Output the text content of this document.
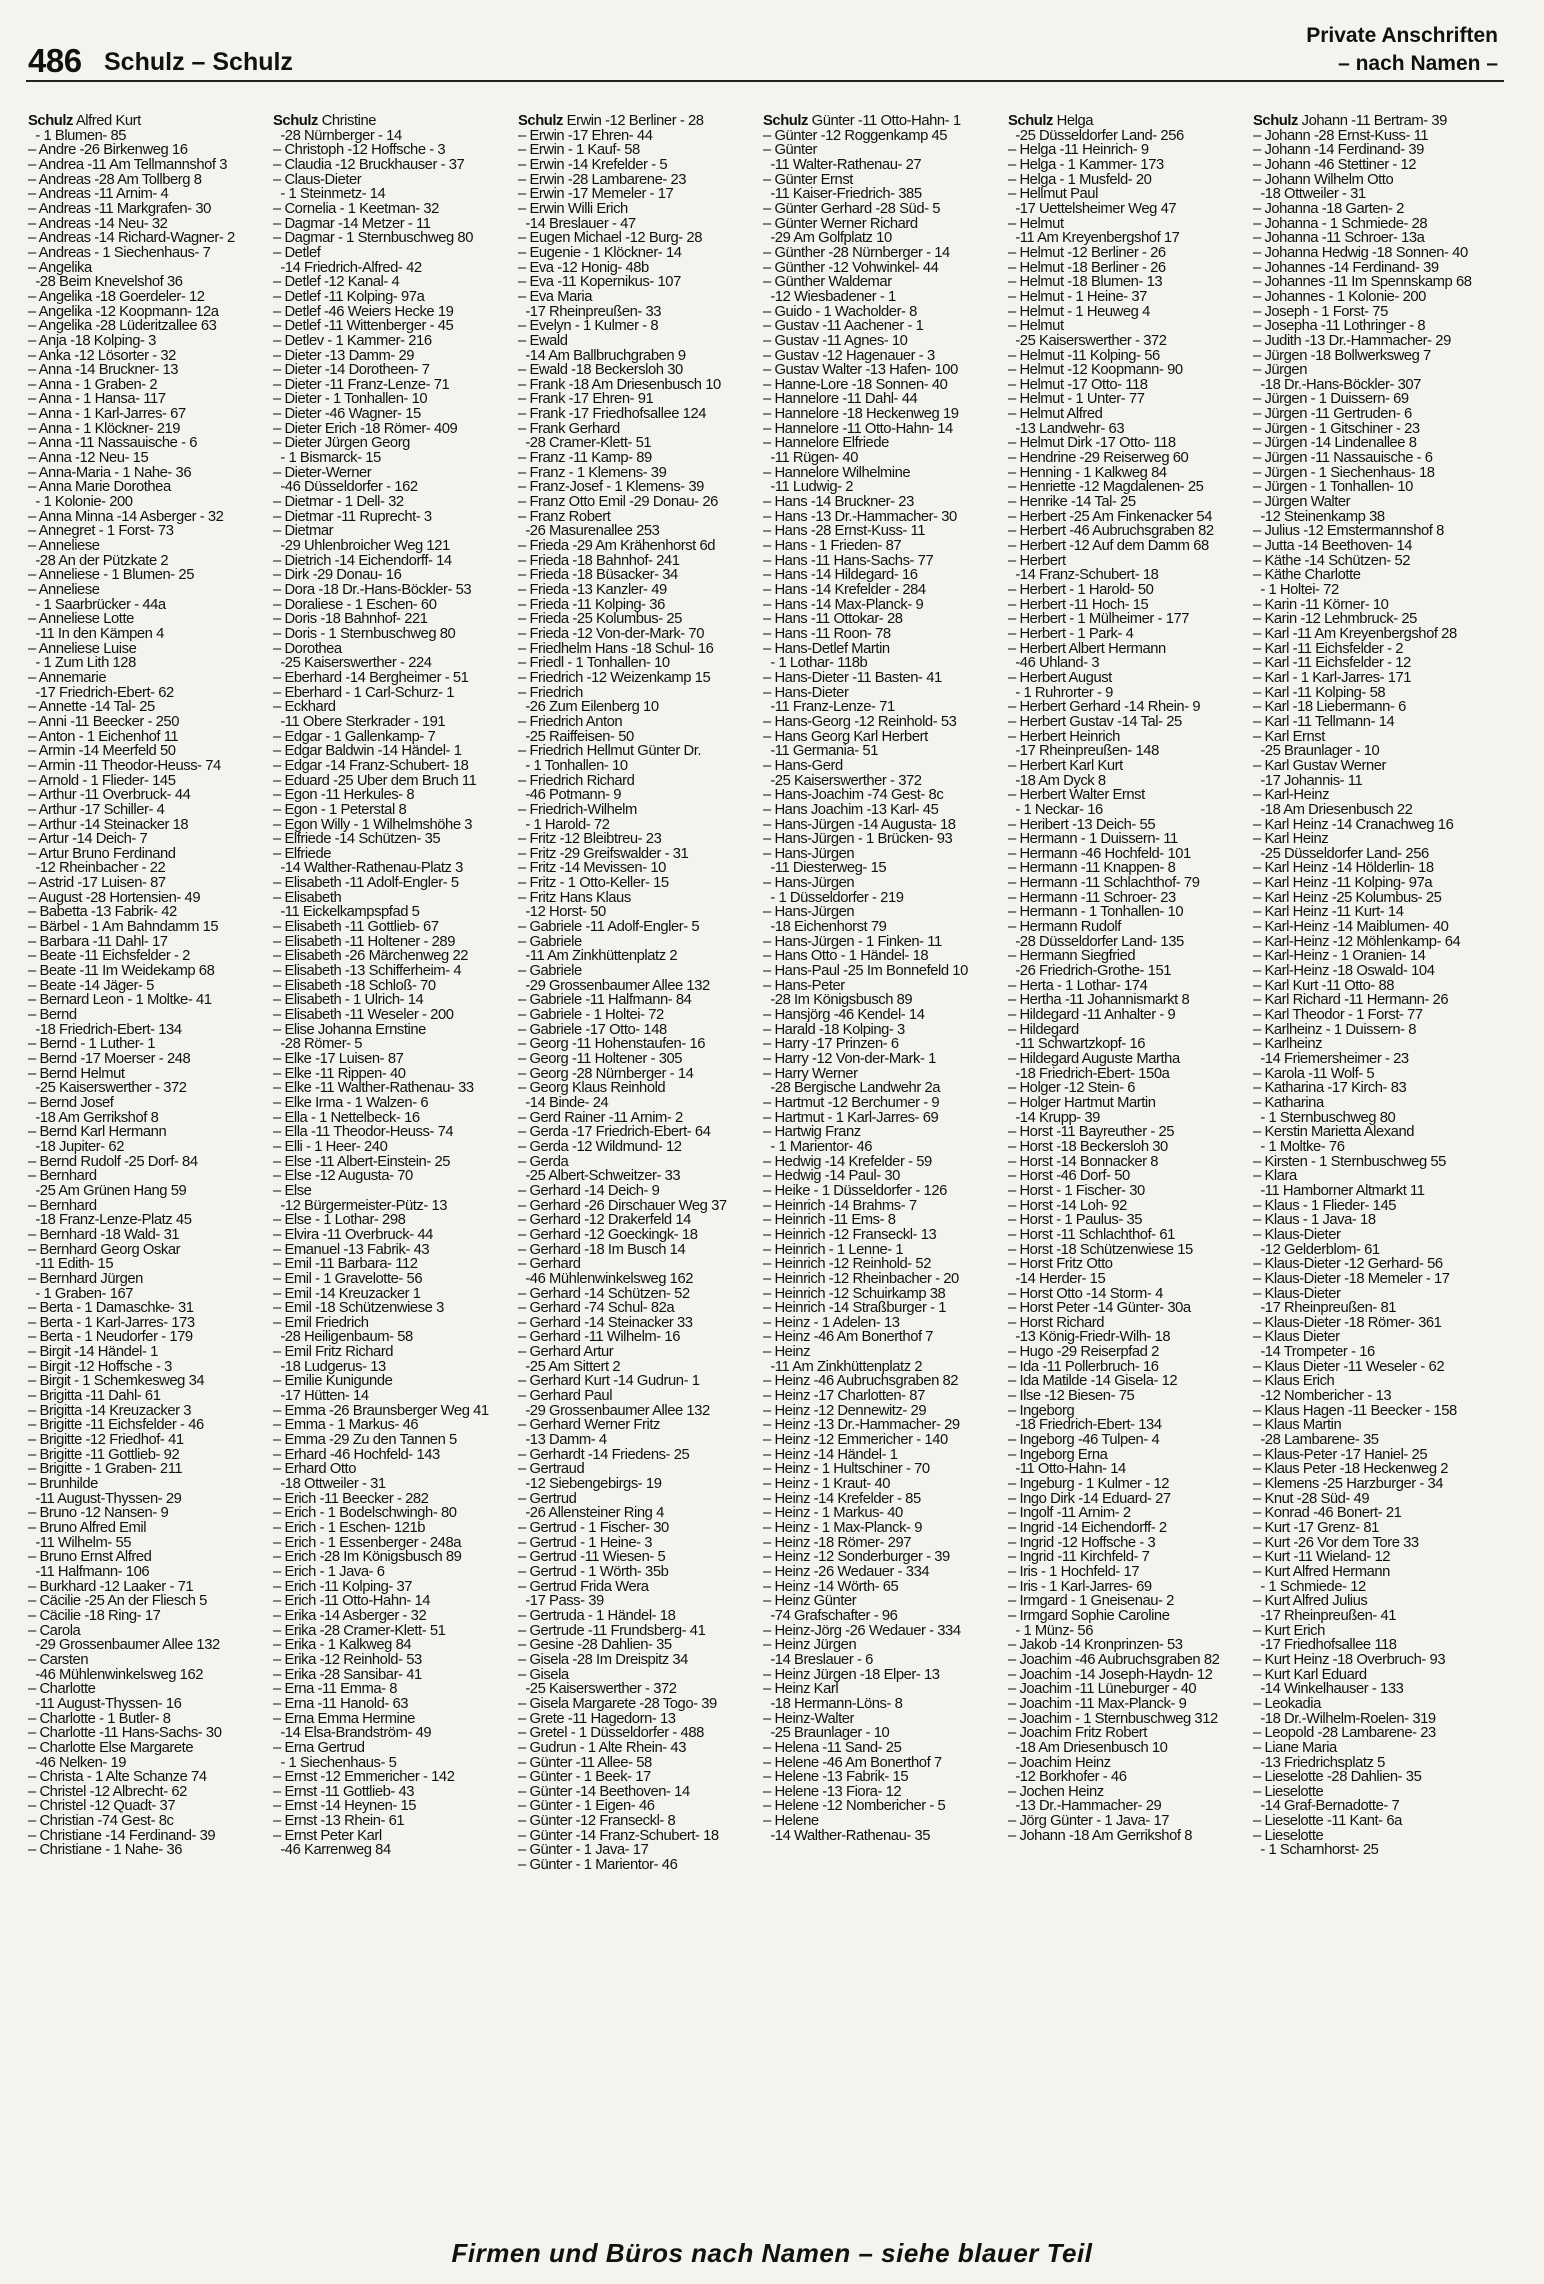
486 Schulz – Schulz
Private Anschriften
– nach Namen –
Schulz Alfred Kurt
- 1 Blumen- 85
– Andre -26 Birkenweg 16
– Andrea -11 Am Tellmannshof 3
– Andreas -28 Am Tollberg 8
– Andreas -11 Arnim- 4
– Andreas -11 Markgrafen- 30
– Andreas -14 Neu- 32
– Andreas -14 Richard-Wagner- 2
– Andreas - 1 Siechenhaus- 7
– Angelika
-28 Beim Knevelshof 36
– Angelika -18 Goerdeler- 12
– Angelika -12 Koopmann- 12a
– Angelika -28 Lüderitzallee 63
– Anja -18 Kolping- 3
– Anka -12 Lösorter - 32
– Anna -14 Bruckner- 13
– Anna - 1 Graben- 2
– Anna - 1 Hansa- 117
– Anna - 1 Karl-Jarres- 67
– Anna - 1 Klöckner- 219
– Anna -11 Nassauische - 6
– Anna -12 Neu- 15
– Anna-Maria - 1 Nahe- 36
– Anna Marie Dorothea
- 1 Kolonie- 200
– Anna Minna -14 Asberger - 32
– Annegret - 1 Forst- 73
– Anneliese
-28 An der Pützkate 2
– Anneliese - 1 Blumen- 25
– Anneliese
- 1 Saarbrücker - 44a
– Anneliese Lotte
-11 In den Kämpen 4
– Anneliese Luise
- 1 Zum Lith 128
– Annemarie
-17 Friedrich-Ebert- 62
– Annette -14 Tal- 25
– Anni -11 Beecker - 250
– Anton - 1 Eichenhof 11
– Armin -14 Meerfeld 50
– Armin -11 Theodor-Heuss- 74
– Arnold - 1 Flieder- 145
– Arthur -11 Overbruck- 44
– Arthur -17 Schiller- 4
– Arthur -14 Steinacker 18
– Artur -14 Deich- 7
– Artur Bruno Ferdinand
-12 Rheinbacher - 22
– Astrid -17 Luisen- 87
– August -28 Hortensien- 49
– Babetta -13 Fabrik- 42
– Bärbel - 1 Am Bahndamm 15
– Barbara -11 Dahl- 17
– Beate -11 Eichsfelder - 2
– Beate -11 Im Weidekamp 68
– Beate -14 Jäger- 5
– Bernard Leon - 1 Moltke- 41
– Bernd
-18 Friedrich-Ebert- 134
– Bernd - 1 Luther- 1
– Bernd -17 Moerser - 248
– Bernd Helmut
-25 Kaiserswerther - 372
– Bernd Josef
-18 Am Gerrikshof 8
– Bernd Karl Hermann
-18 Jupiter- 62
– Bernd Rudolf -25 Dorf- 84
– Bernhard
-25 Am Grünen Hang 59
– Bernhard
-18 Franz-Lenze-Platz 45
– Bernhard -18 Wald- 31
– Bernhard Georg Oskar
-11 Edith- 15
– Bernhard Jürgen
- 1 Graben- 167
– Berta - 1 Damaschke- 31
– Berta - 1 Karl-Jarres- 173
– Berta - 1 Neudorfer - 179
– Birgit -14 Händel- 1
– Birgit -12 Hoffsche - 3
– Birgit - 1 Schemkesweg 34
– Brigitta -11 Dahl- 61
– Brigitta -14 Kreuzacker 3
– Brigitte -11 Eichsfelder - 46
– Brigitte -12 Friedhof- 41
– Brigitte -11 Gottlieb- 92
– Brigitte - 1 Graben- 211
– Brunhilde
-11 August-Thyssen- 29
– Bruno -12 Nansen- 9
– Bruno Alfred Emil
-11 Wilhelm- 55
– Bruno Ernst Alfred
-11 Halfmann- 106
– Burkhard -12 Laaker - 71
– Cäcilie -25 An der Fliesch 5
– Cäcilie -18 Ring- 17
– Carola
-29 Grossenbaumer Allee 132
– Carsten
-46 Mühlenwinkelsweg 162
– Charlotte
-11 August-Thyssen- 16
– Charlotte - 1 Butler- 8
– Charlotte -11 Hans-Sachs- 30
– Charlotte Else Margarete
-46 Nelken- 19
– Christa - 1 Alte Schanze 74
– Christel -12 Albrecht- 62
– Christel -12 Quadt- 37
– Christian -74 Gest- 8c
– Christiane -14 Ferdinand- 39
– Christiane - 1 Nahe- 36
Schulz Christine
-28 Nürnberger - 14
– Christoph -12 Hoffsche - 3
– Claudia -12 Bruckhauser - 37
– Claus-Dieter
- 1 Steinmetz- 14
– Cornelia - 1 Keetman- 32
– Dagmar -14 Metzer - 11
– Dagmar - 1 Sternbuschweg 80
– Detlef
-14 Friedrich-Alfred- 42
– Detlef -12 Kanal- 4
– Detlef -11 Kolping- 97a
– Detlef -46 Weiers Hecke 19
– Detlef -11 Wittenberger - 45
– Detlev - 1 Kammer- 216
– Dieter -13 Damm- 29
– Dieter -14 Dorotheen- 7
– Dieter -11 Franz-Lenze- 71
– Dieter - 1 Tonhallen- 10
– Dieter -46 Wagner- 15
– Dieter Erich -18 Römer- 409
– Dieter Jürgen Georg
- 1 Bismarck- 15
– Dieter-Werner
-46 Düsseldorfer - 162
– Dietmar - 1 Dell- 32
– Dietmar -11 Ruprecht- 3
– Dietmar
-29 Uhlenbroicher Weg 121
– Dietrich -14 Eichendorff- 14
– Dirk -29 Donau- 16
– Dora -18 Dr.-Hans-Böckler- 53
– Doraliese - 1 Eschen- 60
– Doris -18 Bahnhof- 221
– Doris - 1 Sternbuschweg 80
– Dorothea
-25 Kaiserswerther - 224
– Eberhard -14 Bergheimer - 51
– Eberhard - 1 Carl-Schurz- 1
– Eckhard
-11 Obere Sterkrader - 191
– Edgar - 1 Gallenkamp- 7
– Edgar Baldwin -14 Händel- 1
– Edgar -14 Franz-Schubert- 18
– Eduard -25 Über dem Bruch 11
– Egon -11 Herkules- 8
– Egon - 1 Peterstal 8
– Egon Willy - 1 Wilhelmshöhe 3
– Elfriede -14 Schützen- 35
– Elfriede
-14 Walther-Rathenau-Platz 3
– Elisabeth -11 Adolf-Engler- 5
– Elisabeth
-11 Eickelkampspfad 5
– Elisabeth -11 Gottlieb- 67
– Elisabeth -11 Holtener - 289
– Elisabeth -26 Märchenweg 22
– Elisabeth -13 Schifferheim- 4
– Elisabeth -18 Schloß- 70
– Elisabeth - 1 Ulrich- 14
– Elisabeth -11 Weseler - 200
– Elise Johanna Ernstine
-28 Römer- 5
– Elke -17 Luisen- 87
– Elke -11 Rippen- 40
– Elke -11 Walther-Rathenau- 33
– Elke Irma - 1 Walzen- 6
– Ella - 1 Nettelbeck- 16
– Ella -11 Theodor-Heuss- 74
– Elli - 1 Heer- 240
– Else -11 Albert-Einstein- 25
– Else -12 Augusta- 70
– Else
-12 Bürgermeister-Pütz- 13
– Else - 1 Lothar- 298
– Elvira -11 Overbruck- 44
– Emanuel -13 Fabrik- 43
– Emil -11 Barbara- 112
– Emil - 1 Gravelotte- 56
– Emil -14 Kreuzacker 1
– Emil -18 Schützenwiese 3
– Emil Friedrich
-28 Heiligenbaum- 58
– Emil Fritz Richard
-18 Ludgerus- 13
– Emilie Kunigunde
-17 Hütten- 14
– Emma -26 Braunsberger Weg 41
– Emma - 1 Markus- 46
– Emma -29 Zu den Tannen 5
– Erhard -46 Hochfeld- 143
– Erhard Otto
-18 Ottweiler - 31
– Erich -11 Beecker - 282
– Erich - 1 Bodelschwingh- 80
– Erich - 1 Eschen- 121b
– Erich - 1 Essenberger - 248a
– Erich -28 Im Königsbusch 89
– Erich - 1 Java- 6
– Erich -11 Kolping- 37
– Erich -11 Otto-Hahn- 14
– Erika -14 Asberger - 32
– Erika -28 Cramer-Klett- 51
– Erika - 1 Kalkweg 84
– Erika -12 Reinhold- 53
– Erika -28 Sansibar- 41
– Erna -11 Emma- 8
– Erna -11 Hanold- 63
– Erna Emma Hermine
-14 Elsa-Brandström- 49
– Erna Gertrud
- 1 Siechenhaus- 5
– Ernst -12 Emmericher - 142
– Ernst -11 Gottlieb- 43
– Ernst -14 Heynen- 15
– Ernst -13 Rhein- 61
– Ernst Peter Karl
-46 Karrenweg 84
Schulz Erwin -12 Berliner - 28
– Erwin -17 Ehren- 44
– Erwin - 1 Kauf- 58
– Erwin -14 Krefelder - 5
– Erwin -28 Lambarene- 23
– Erwin -17 Memeler - 17
– Erwin Willi Erich
-14 Breslauer - 47
– Eugen Michael -12 Burg- 28
– Eugenie - 1 Klöckner- 14
– Eva -12 Honig- 48b
– Eva -11 Kopernikus- 107
– Eva Maria
-17 Rheinpreußen- 33
– Evelyn - 1 Kulmer - 8
– Ewald
-14 Am Ballbruchgraben 9
– Ewald -18 Beckersloh 30
– Frank -18 Am Driesenbusch 10
– Frank -17 Ehren- 91
– Frank -17 Friedhofsallee 124
– Frank Gerhard
-28 Cramer-Klett- 51
– Franz -11 Kamp- 89
– Franz - 1 Klemens- 39
– Franz-Josef - 1 Klemens- 39
– Franz Otto Emil -29 Donau- 26
– Franz Robert
-26 Masurenallee 253
– Frieda -29 Am Krähenhorst 6d
– Frieda -18 Bahnhof- 241
– Frieda -18 Büsacker- 34
– Frieda -13 Kanzler- 49
– Frieda -11 Kolping- 36
– Frieda -25 Kolumbus- 25
– Frieda -12 Von-der-Mark- 70
– Friedhelm Hans -18 Schul- 16
– Friedl - 1 Tonhallen- 10
– Friedrich -12 Weizenkamp 15
– Friedrich
-26 Zum Eilenberg 10
– Friedrich Anton
-25 Raiffeisen- 50
– Friedrich Hellmut Günter Dr.
- 1 Tonhallen- 10
– Friedrich Richard
-46 Potmann- 9
– Friedrich-Wilhelm
- 1 Harold- 72
– Fritz -12 Bleibtreu- 23
– Fritz -29 Greifswalder - 31
– Fritz -14 Mevissen- 10
– Fritz - 1 Otto-Keller- 15
– Fritz Hans Klaus
-12 Horst- 50
– Gabriele -11 Adolf-Engler- 5
– Gabriele
-11 Am Zinkhüttenplatz 2
– Gabriele
-29 Grossenbaumer Allee 132
– Gabriele -11 Halfmann- 84
– Gabriele - 1 Holtei- 72
– Gabriele -17 Otto- 148
– Georg -11 Hohenstaufen- 16
– Georg -11 Holtener - 305
– Georg -28 Nürnberger - 14
– Georg Klaus Reinhold
-14 Binde- 24
– Gerd Rainer -11 Arnim- 2
– Gerda -17 Friedrich-Ebert- 64
– Gerda -12 Wildmund- 12
– Gerda
-25 Albert-Schweitzer- 33
– Gerhard -14 Deich- 9
– Gerhard -26 Dirschauer Weg 37
– Gerhard -12 Drakerfeld 14
– Gerhard -12 Goeckingk- 18
– Gerhard -18 Im Busch 14
– Gerhard
-46 Mühlenwinkelsweg 162
– Gerhard -14 Schützen- 52
– Gerhard -74 Schul- 82a
– Gerhard -14 Steinacker 33
– Gerhard -11 Wilhelm- 16
– Gerhard Artur
-25 Am Sittert 2
– Gerhard Kurt -14 Gudrun- 1
– Gerhard Paul
-29 Grossenbaumer Allee 132
– Gerhard Werner Fritz
-13 Damm- 4
– Gerhardt -14 Friedens- 25
– Gertraud
-12 Siebengebirgs- 19
– Gertrud
-26 Allensteiner Ring 4
– Gertrud - 1 Fischer- 30
– Gertrud - 1 Heine- 3
– Gertrud -11 Wiesen- 5
– Gertrud - 1 Wörth- 35b
– Gertrud Frida Wera
-17 Pass- 39
– Gertruda - 1 Händel- 18
– Gertrude -11 Frundsberg- 41
– Gesine -28 Dahlien- 35
– Gisela -28 Im Dreispitz 34
– Gisela
-25 Kaiserswerther - 372
– Gisela Margarete -28 Togo- 39
– Grete -11 Hagedorn- 13
– Gretel - 1 Düsseldorfer - 488
– Gudrun - 1 Alte Rhein- 43
– Günter -11 Allee- 58
– Günter - 1 Beek- 17
– Günter -14 Beethoven- 14
– Günter - 1 Eigen- 46
– Günter -12 Franseckl- 8
– Günter -14 Franz-Schubert- 18
– Günter - 1 Java- 17
– Günter - 1 Marientor- 46
Schulz Günter -11 Otto-Hahn- 1
– Günter -12 Roggenkamp 45
– Günter
-11 Walter-Rathenau- 27
– Günter Ernst
-11 Kaiser-Friedrich- 385
– Günter Gerhard -28 Süd- 5
– Günter Werner Richard
-29 Am Golfplatz 10
– Günther -28 Nürnberger - 14
– Günther -12 Vohwinkel- 44
– Günther Waldemar
-12 Wiesbadener - 1
– Guido - 1 Wacholder- 8
– Gustav -11 Aachener - 1
– Gustav -11 Agnes- 10
– Gustav -12 Hagenauer - 3
– Gustav Walter -13 Hafen- 100
– Hanne-Lore -18 Sonnen- 40
– Hannelore -11 Dahl- 44
– Hannelore -18 Heckenweg 19
– Hannelore -11 Otto-Hahn- 14
– Hannelore Elfriede
-11 Rügen- 40
– Hannelore Wilhelmine
-11 Ludwig- 2
– Hans -14 Bruckner- 23
– Hans -13 Dr.-Hammacher- 30
– Hans -28 Ernst-Kuss- 11
– Hans - 1 Frieden- 87
– Hans -11 Hans-Sachs- 77
– Hans -14 Hildegard- 16
– Hans -14 Krefelder - 284
– Hans -14 Max-Planck- 9
– Hans -11 Ottokar- 28
– Hans -11 Roon- 78
– Hans-Detlef Martin
- 1 Lothar- 118b
– Hans-Dieter -11 Basten- 41
– Hans-Dieter
-11 Franz-Lenze- 71
– Hans-Georg -12 Reinhold- 53
– Hans Georg Karl Herbert
-11 Germania- 51
– Hans-Gerd
-25 Kaiserswerther - 372
– Hans-Joachim -74 Gest- 8c
– Hans Joachim -13 Karl- 45
– Hans-Jürgen -14 Augusta- 18
– Hans-Jürgen - 1 Brücken- 93
– Hans-Jürgen
-11 Diesterweg- 15
– Hans-Jürgen
- 1 Düsseldorfer - 219
– Hans-Jürgen
-18 Eichenhorst 79
– Hans-Jürgen - 1 Finken- 11
– Hans Otto - 1 Händel- 18
– Hans-Paul -25 Im Bonnefeld 10
– Hans-Peter
-28 Im Königsbusch 89
– Hansjörg -46 Kendel- 14
– Harald -18 Kolping- 3
– Harry -17 Prinzen- 6
– Harry -12 Von-der-Mark- 1
– Harry Werner
-28 Bergische Landwehr 2a
– Hartmut -12 Berchumer - 9
– Hartmut - 1 Karl-Jarres- 69
– Hartwig Franz
- 1 Marientor- 46
– Hedwig -14 Krefelder - 59
– Hedwig -14 Paul- 30
– Heike - 1 Düsseldorfer - 126
– Heinrich -14 Brahms- 7
– Heinrich -11 Ems- 8
– Heinrich -12 Franseckl- 13
– Heinrich - 1 Lenne- 1
– Heinrich -12 Reinhold- 52
– Heinrich -12 Rheinbacher - 20
– Heinrich -12 Schuirkamp 38
– Heinrich -14 Straßburger - 1
– Heinz - 1 Adelen- 13
– Heinz -46 Am Bonerthof 7
– Heinz
-11 Am Zinkhüttenplatz 2
– Heinz -46 Aubruchsgraben 82
– Heinz -17 Charlotten- 87
– Heinz -12 Dennewitz- 29
– Heinz -13 Dr.-Hammacher- 29
– Heinz -12 Emmericher - 140
– Heinz -14 Händel- 1
– Heinz - 1 Hultschiner - 70
– Heinz - 1 Kraut- 40
– Heinz -14 Krefelder - 85
– Heinz - 1 Markus- 40
– Heinz - 1 Max-Planck- 9
– Heinz -18 Römer- 297
– Heinz -12 Sonderburger - 39
– Heinz -26 Wedauer - 334
– Heinz -14 Wörth- 65
– Heinz Günter
-74 Grafschafter - 96
– Heinz-Jörg -26 Wedauer - 334
– Heinz Jürgen
-14 Breslauer - 6
– Heinz Jürgen -18 Elper- 13
– Heinz Karl
-18 Hermann-Löns- 8
– Heinz-Walter
-25 Braunlager - 10
– Helena -11 Sand- 25
– Helene -46 Am Bonerthof 7
– Helene -13 Fabrik- 15
– Helene -13 Fiora- 12
– Helene -12 Nombericher - 5
– Helene
-14 Walther-Rathenau- 35
Schulz Helga
-25 Düsseldorfer Land- 256
– Helga -11 Heinrich- 9
– Helga - 1 Kammer- 173
– Helga - 1 Musfeld- 20
– Hellmut Paul
-17 Uettelsheimer Weg 47
– Helmut
-11 Am Kreyenbergshof 17
– Helmut -12 Berliner - 26
– Helmut -18 Berliner - 26
– Helmut -18 Blumen- 13
– Helmut - 1 Heine- 37
– Helmut - 1 Heuweg 4
– Helmut
-25 Kaiserswerther - 372
– Helmut -11 Kolping- 56
– Helmut -12 Koopmann- 90
– Helmut -17 Otto- 118
– Helmut - 1 Unter- 77
– Helmut Alfred
-13 Landwehr- 63
– Helmut Dirk -17 Otto- 118
– Hendrine -29 Reiserweg 60
– Henning - 1 Kalkweg 84
– Henriette -12 Magdalenen- 25
– Henrike -14 Tal- 25
– Herbert -25 Am Finkenacker 54
– Herbert -46 Aubruchsgraben 82
– Herbert -12 Auf dem Damm 68
– Herbert
-14 Franz-Schubert- 18
– Herbert - 1 Harold- 50
– Herbert -11 Hoch- 15
– Herbert - 1 Mülheimer - 177
– Herbert - 1 Park- 4
– Herbert Albert Hermann
-46 Uhland- 3
– Herbert August
- 1 Ruhrorter - 9
– Herbert Gerhard -14 Rhein- 9
– Herbert Gustav -14 Tal- 25
– Herbert Heinrich
-17 Rheinpreußen- 148
– Herbert Karl Kurt
-18 Am Dyck 8
– Herbert Walter Ernst
- 1 Neckar- 16
– Heribert -13 Deich- 55
– Hermann - 1 Duissern- 11
– Hermann -46 Hochfeld- 101
– Hermann -11 Knappen- 8
– Hermann -11 Schlachthof- 79
– Hermann -11 Schroer- 23
– Hermann - 1 Tonhallen- 10
– Hermann Rudolf
-28 Düsseldorfer Land- 135
– Hermann Siegfried
-26 Friedrich-Grothe- 151
– Herta - 1 Lothar- 174
– Hertha -11 Johannismarkt 8
– Hildegard -11 Anhalter - 9
– Hildegard
-11 Schwartzkopf- 16
– Hildegard Auguste Martha
-18 Friedrich-Ebert- 150a
– Holger -12 Stein- 6
– Holger Hartmut Martin
-14 Krupp- 39
– Horst -11 Bayreuther - 25
– Horst -18 Beckersloh 30
– Horst -14 Bonnacker 8
– Horst -46 Dorf- 50
– Horst - 1 Fischer- 30
– Horst -14 Loh- 92
– Horst - 1 Paulus- 35
– Horst -11 Schlachthof- 61
– Horst -18 Schützenwiese 15
– Horst Fritz Otto
-14 Herder- 15
– Horst Otto -14 Storm- 4
– Horst Peter -14 Günter- 30a
– Horst Richard
-13 König-Friedr-Wilh- 18
– Hugo -29 Reiserpfad 2
– Ida -11 Pollerbruch- 16
– Ida Matilde -14 Gisela- 12
– Ilse -12 Biesen- 75
– Ingeborg
-18 Friedrich-Ebert- 134
– Ingeborg -46 Tulpen- 4
– Ingeborg Erna
-11 Otto-Hahn- 14
– Ingeburg - 1 Kulmer - 12
– Ingo Dirk -14 Eduard- 27
– Ingolf -11 Arnim- 2
– Ingrid -14 Eichendorff- 2
– Ingrid -12 Hoffsche - 3
– Ingrid -11 Kirchfeld- 7
– Iris - 1 Hochfeld- 17
– Iris - 1 Karl-Jarres- 69
– Irmgard - 1 Gneisenau- 2
– Irmgard Sophie Caroline
- 1 Münz- 56
– Jakob -14 Kronprinzen- 53
– Joachim -46 Aubruchsgraben 82
– Joachim -14 Joseph-Haydn- 12
– Joachim -11 Lüneburger - 40
– Joachim -11 Max-Planck- 9
– Joachim - 1 Sternbuschweg 312
– Joachim Fritz Robert
-18 Am Driesenbusch 10
– Joachim Heinz
-12 Borkhofer - 46
– Jochen Heinz
-13 Dr.-Hammacher- 29
– Jörg Günter - 1 Java- 17
– Johann -18 Am Gerrikshof 8
Schulz Johann -11 Bertram- 39
– Johann -28 Ernst-Kuss- 11
– Johann -14 Ferdinand- 39
– Johann -46 Stettiner - 12
– Johann Wilhelm Otto
-18 Ottweiler - 31
– Johanna -18 Garten- 2
– Johanna - 1 Schmiede- 28
– Johanna -11 Schroer- 13a
– Johanna Hedwig -18 Sonnen- 40
– Johannes -14 Ferdinand- 39
– Johannes -11 Im Spennskamp 68
– Johannes - 1 Kolonie- 200
– Joseph - 1 Forst- 75
– Josepha -11 Lothringer - 8
– Judith -13 Dr.-Hammacher- 29
– Jürgen -18 Bollwerksweg 7
– Jürgen
-18 Dr.-Hans-Böckler- 307
– Jürgen - 1 Duissern- 69
– Jürgen -11 Gertruden- 6
– Jürgen - 1 Gitschiner - 23
– Jürgen -14 Lindenallee 8
– Jürgen -11 Nassauische - 6
– Jürgen - 1 Siechenhaus- 18
– Jürgen - 1 Tonhallen- 10
– Jürgen Walter
-12 Steinenkamp 38
– Julius -12 Emstermannshof 8
– Jutta -14 Beethoven- 14
– Käthe -14 Schützen- 52
– Käthe Charlotte
- 1 Holtei- 72
– Karin -11 Körner- 10
– Karin -12 Lehmbruck- 25
– Karl -11 Am Kreyenbergshof 28
– Karl -11 Eichsfelder - 2
– Karl -11 Eichsfelder - 12
– Karl - 1 Karl-Jarres- 171
– Karl -11 Kolping- 58
– Karl -18 Liebermann- 6
– Karl -11 Tellmann- 14
– Karl Ernst
-25 Braunlager - 10
– Karl Gustav Werner
-17 Johannis- 11
– Karl-Heinz
-18 Am Driesenbusch 22
– Karl Heinz -14 Cranachweg 16
– Karl Heinz
-25 Düsseldorfer Land- 256
– Karl Heinz -14 Hölderlin- 18
– Karl Heinz -11 Kolping- 97a
– Karl Heinz -25 Kolumbus- 25
– Karl Heinz -11 Kurt- 14
– Karl-Heinz -14 Maiblumen- 40
– Karl-Heinz -12 Möhlenkamp- 64
– Karl-Heinz - 1 Oranien- 14
– Karl-Heinz -18 Oswald- 104
– Karl Kurt -11 Otto- 88
– Karl Richard -11 Hermann- 26
– Karl Theodor - 1 Forst- 77
– Karlheinz - 1 Duissern- 8
– Karlheinz
-14 Friemersheimer - 23
– Karola -11 Wolf- 5
– Katharina -17 Kirch- 83
– Katharina
- 1 Sternbuschweg 80
– Kerstin Marietta Alexand
- 1 Moltke- 76
– Kirsten - 1 Sternbuschweg 55
– Klara
-11 Hamborner Altmarkt 11
– Klaus - 1 Flieder- 145
– Klaus - 1 Java- 18
– Klaus-Dieter
-12 Gelderblom- 61
– Klaus-Dieter -12 Gerhard- 56
– Klaus-Dieter -18 Memeler - 17
– Klaus-Dieter
-17 Rheinpreußen- 81
– Klaus-Dieter -18 Römer- 361
– Klaus Dieter
-14 Trompeter - 16
– Klaus Dieter -11 Weseler - 62
– Klaus Erich
-12 Nombericher - 13
– Klaus Hagen -11 Beecker - 158
– Klaus Martin
-28 Lambarene- 35
– Klaus-Peter -17 Haniel- 25
– Klaus Peter -18 Heckenweg 2
– Klemens -25 Harzburger - 34
– Knut -28 Süd- 49
– Konrad -46 Bonert- 21
– Kurt -17 Grenz- 81
– Kurt -26 Vor dem Tore 33
– Kurt -11 Wieland- 12
– Kurt Alfred Hermann
- 1 Schmiede- 12
– Kurt Alfred Julius
-17 Rheinpreußen- 41
– Kurt Erich
-17 Friedhofsallee 118
– Kurt Heinz -18 Overbruch- 93
– Kurt Karl Eduard
-14 Winkelhauser - 133
– Leokadia
-18 Dr.-Wilhelm-Roelen- 319
– Leopold -28 Lambarene- 23
– Liane Maria
-13 Friedrichsplatz 5
– Lieselotte -28 Dahlien- 35
– Lieselotte
-14 Graf-Bernadotte- 7
– Lieselotte -11 Kant- 6a
– Lieselotte
- 1 Scharnhorst- 25
Firmen und Büros nach Namen – siehe blauer Teil
